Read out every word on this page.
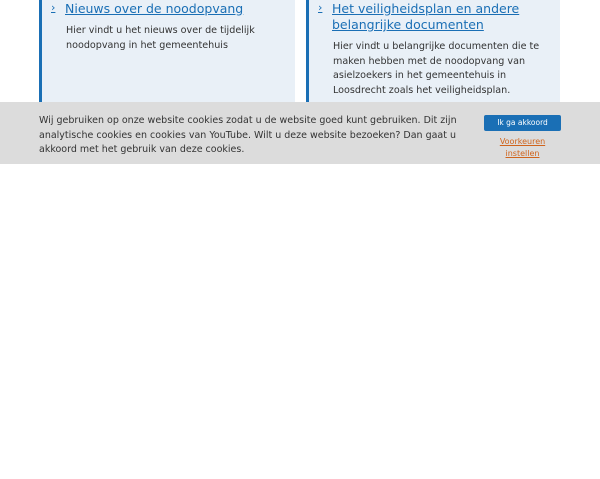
› Nieuws over de noodopvang
Hier vindt u het nieuws over de tijdelijk noodopvang in het gemeentehuis
› Het veiligheidsplan en andere belangrijke documenten
Hier vindt u belangrijke documenten die te maken hebben met de noodopvang van asielzoekers in het gemeentehuis in Loosdrecht zoals het veiligheidsplan.
Wij gebruiken op onze website cookies zodat u de website goed kunt gebruiken. Dit zijn analytische cookies en cookies van YouTube. Wilt u deze website bezoeken? Dan gaat u akkoord met het gebruik van deze cookies.
Ik ga akkoord
Voorkeuren instellen
